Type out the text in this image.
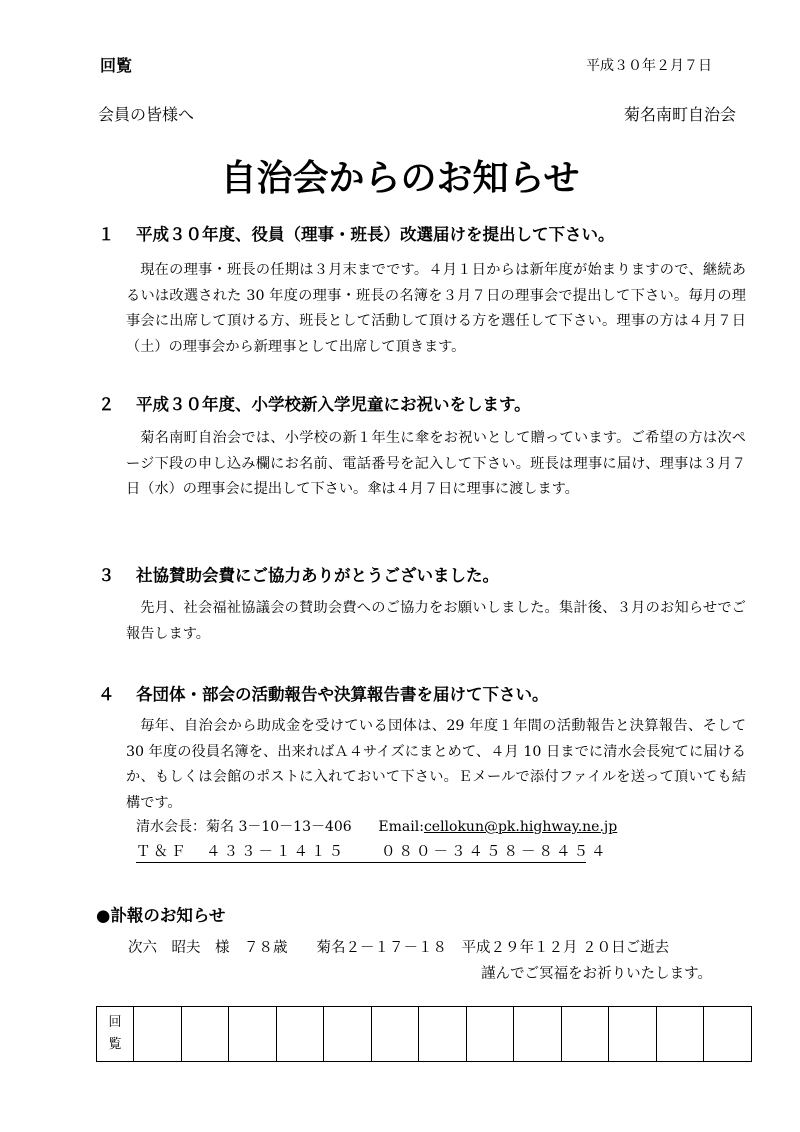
回覧	平成３０年２月７日
会員の皆様へ	菊名南町自治会
自治会からのお知らせ
１ 平成３０年度、役員（理事・班長）改選届けを提出して下さい。
現在の理事・班長の任期は３月末までです。４月１日からは新年度が始まりますので、継続あるいは改選された 30 年度の理事・班長の名簿を３月７日の理事会で提出して下さい。毎月の理事会に出席して頂ける方、班長として活動して頂ける方を選任して下さい。理事の方は４月７日（土）の理事会から新理事として出席して頂きます。
２ 平成３０年度、小学校新入学児童にお祝いをします。
菊名南町自治会では、小学校の新１年生に傘をお祝いとして贈っています。ご希望の方は次ページ下段の申し込み欄にお名前、電話番号を記入して下さい。班長は理事に届け、理事は３月７日（水）の理事会に提出して下さい。傘は４月７日に理事に渡します。
３ 社協賛助会費にご協力ありがとうございました。
先月、社会福祉協議会の賛助会費へのご協力をお願いしました。集計後、３月のお知らせでご報告します。
４ 各団体・部会の活動報告や決算報告書を届けて下さい。
毎年、自治会から助成金を受けている団体は、29 年度１年間の活動報告と決算報告、そして 30 年度の役員名簿を、出来ればＡ４サイズにまとめて、４月 10 日までに清水会長宛てに届けるか、もしくは会館のポストに入れておいて下さい。Ｅメールで添付ファイルを送って頂いても結構です。
清水会長：菊名 3－10－13－406 Email:cellokun@pk.highway.ne.jp
Ｔ＆Ｆ　４３３－１４１５　　０８０－３４５８－８４５４
●訃報のお知らせ
次六　昭夫　様　７８歳　　菊名２－１７－１８　平成２９年１２月 ２０日ご逝去
謹んでご冥福をお祈りいたします。
回
覧
